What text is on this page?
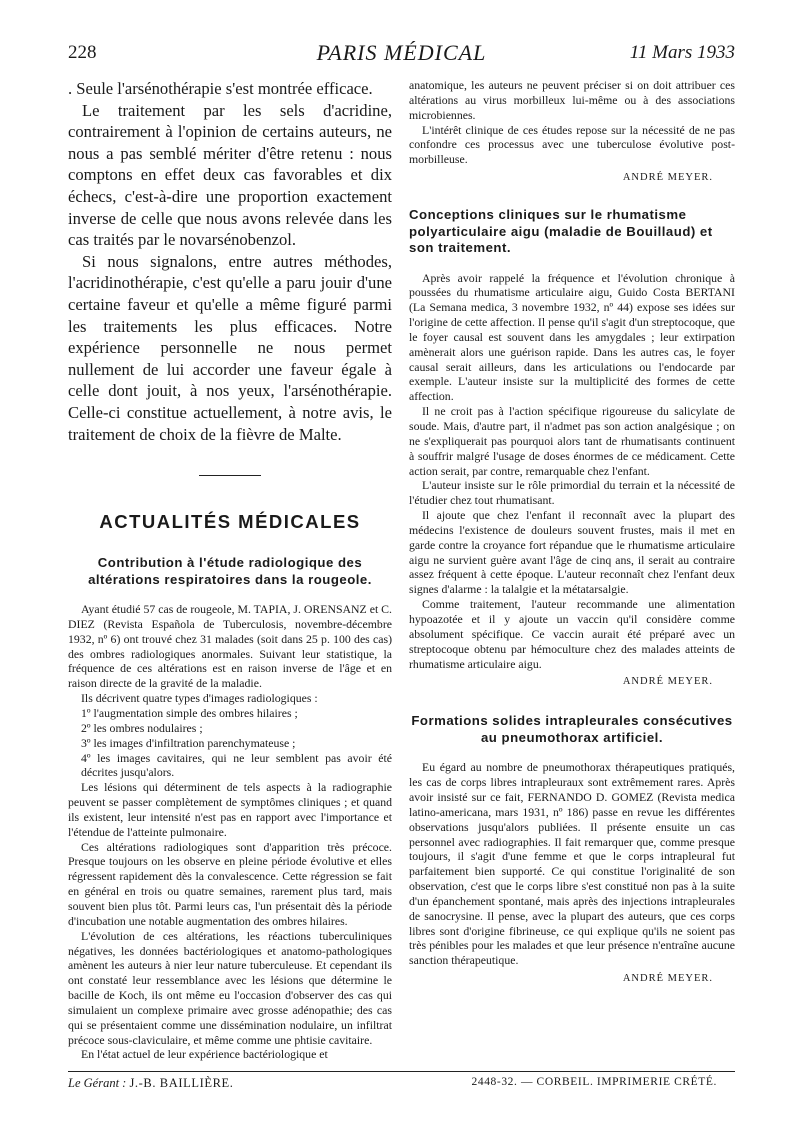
228	PARIS MÉDICAL	11 Mars 1933

. Seule l'arsénothérapie s'est montrée efficace.

Le traitement par les sels d'acridine, contrairement à l'opinion de certains auteurs, ne nous a pas semblé mériter d'être retenu : nous comptons en effet deux cas favorables et dix échecs, c'est-à-dire une proportion exactement inverse de celle que nous avons relevée dans les cas traités par le novarsénobenzol.

Si nous signalons, entre autres méthodes, l'acridinothérapie, c'est qu'elle a paru jouir d'une certaine faveur et qu'elle a même figuré parmi les traitements les plus efficaces. Notre expérience personnelle ne nous permet nullement de lui accorder une faveur égale à celle dont jouit, à nos yeux, l'arsénothérapie. Celle-ci constitue actuellement, à notre avis, le traitement de choix de la fièvre de Malte.

ACTUALITÉS MÉDICALES
Contribution à l'étude radiologique des altérations respiratoires dans la rougeole.

Ayant étudié 57 cas de rougeole, M. TAPIA, J. ORENSANZ et C. DIEZ (Revista Española de Tuberculosis, novembre-décembre 1932, nº 6) ont trouvé chez 31 malades (soit dans 25 p. 100 des cas) des ombres radiologiques anormales. Suivant leur statistique, la fréquence de ces altérations est en raison inverse de l'âge et en raison directe de la gravité de la maladie.

Ils décrivent quatre types d'images radiologiques :

1º l'augmentation simple des ombres hilaires ;

2º les ombres nodulaires ;

3º les images d'infiltration parenchymateuse ;

4º les images cavitaires, qui ne leur semblent pas avoir été décrites jusqu'alors.

Les lésions qui déterminent de tels aspects à la radiographie peuvent se passer complètement de symptômes cliniques ; et quand ils existent, leur intensité n'est pas en rapport avec l'importance et l'étendue de l'atteinte pulmonaire.

Ces altérations radiologiques sont d'apparition très précoce. Presque toujours on les observe en pleine période évolutive et elles régressent rapidement dès la convalescence. Cette régression se fait en général en trois ou quatre semaines, rarement plus tard, mais souvent bien plus tôt. Parmi leurs cas, l'un présentait dès la période d'incubation une notable augmentation des ombres hilaires.

L'évolution de ces altérations, les réactions tuberculiniques négatives, les données bactériologiques et anatomo-pathologiques amènent les auteurs à nier leur nature tuberculeuse. Et cependant ils ont constaté leur ressemblance avec les lésions que détermine le bacille de Koch, ils ont même eu l'occasion d'observer des cas qui simulaient un complexe primaire avec grosse adénopathie; des cas qui se présentaient comme une dissémination nodulaire, un infiltrat précoce sous-claviculaire, et même comme une phtisie cavitaire.

En l'état actuel de leur expérience bactériologique et

anatomique, les auteurs ne peuvent préciser si on doit attribuer ces altérations au virus morbilleux lui-même ou à des associations microbiennes.

L'intérêt clinique de ces études repose sur la nécessité de ne pas confondre ces processus avec une tuberculose évolutive post-morbilleuse.

ANDRÉ MEYER.
Conceptions cliniques sur le rhumatisme polyarticulaire aigu (maladie de Bouillaud) et son traitement.

Après avoir rappelé la fréquence et l'évolution chronique à poussées du rhumatisme articulaire aigu, Guido Costa BERTANI (La Semana medica, 3 novembre 1932, nº 44) expose ses idées sur l'origine de cette affection. Il pense qu'il s'agit d'un streptocoque, que le foyer causal est souvent dans les amygdales ; leur extirpation amènerait alors une guérison rapide. Dans les autres cas, le foyer causal serait ailleurs, dans les articulations ou l'endocarde par exemple. L'auteur insiste sur la multiplicité des formes de cette affection.

Il ne croit pas à l'action spécifique rigoureuse du salicylate de soude. Mais, d'autre part, il n'admet pas son action analgésique ; on ne s'expliquerait pas pourquoi alors tant de rhumatisants continuent à souffrir malgré l'usage de doses énormes de ce médicament. Cette action serait, par contre, remarquable chez l'enfant.

L'auteur insiste sur le rôle primordial du terrain et la nécessité de l'étudier chez tout rhumatisant.

Il ajoute que chez l'enfant il reconnaît avec la plupart des médecins l'existence de douleurs souvent frustes, mais il met en garde contre la croyance fort répandue que le rhumatisme articulaire aigu ne survient guère avant l'âge de cinq ans, il serait au contraire assez fréquent à cette époque. L'auteur reconnaît chez l'enfant deux signes d'alarme : la talalgie et la métatarsalgie.

Comme traitement, l'auteur recommande une alimentation hypoazotée et il y ajoute un vaccin qu'il considère comme absolument spécifique. Ce vaccin aurait été préparé avec un streptocoque obtenu par hémoculture chez des malades atteints de rhumatisme articulaire aigu.

ANDRÉ MEYER.
Formations solides intrapleurales consécutives au pneumothorax artificiel.

Eu égard au nombre de pneumothorax thérapeutiques pratiqués, les cas de corps libres intrapleuraux sont extrêmement rares. Après avoir insisté sur ce fait, FERNANDO D. GOMEZ (Revista medica latino-americana, mars 1931, nº 186) passe en revue les différentes observations jusqu'alors publiées. Il présente ensuite un cas personnel avec radiographies. Il fait remarquer que, comme presque toujours, il s'agit d'une femme et que le corps intrapleural fut parfaitement bien supporté. Ce qui constitue l'originalité de son observation, c'est que le corps libre s'est constitué non pas à la suite d'un épanchement spontané, mais après des injections intrapleurales de sanocrysine. Il pense, avec la plupart des auteurs, que ces corps libres sont d'origine fibrineuse, ce qui explique qu'ils ne soient pas très pénibles pour les malades et que leur présence n'entraîne aucune sanction thérapeutique.

ANDRÉ MEYER.
Le Gérant : J.-B. BAILLIÈRE.	2448-32. — CORBEIL. IMPRIMERIE CRÉTÉ.
